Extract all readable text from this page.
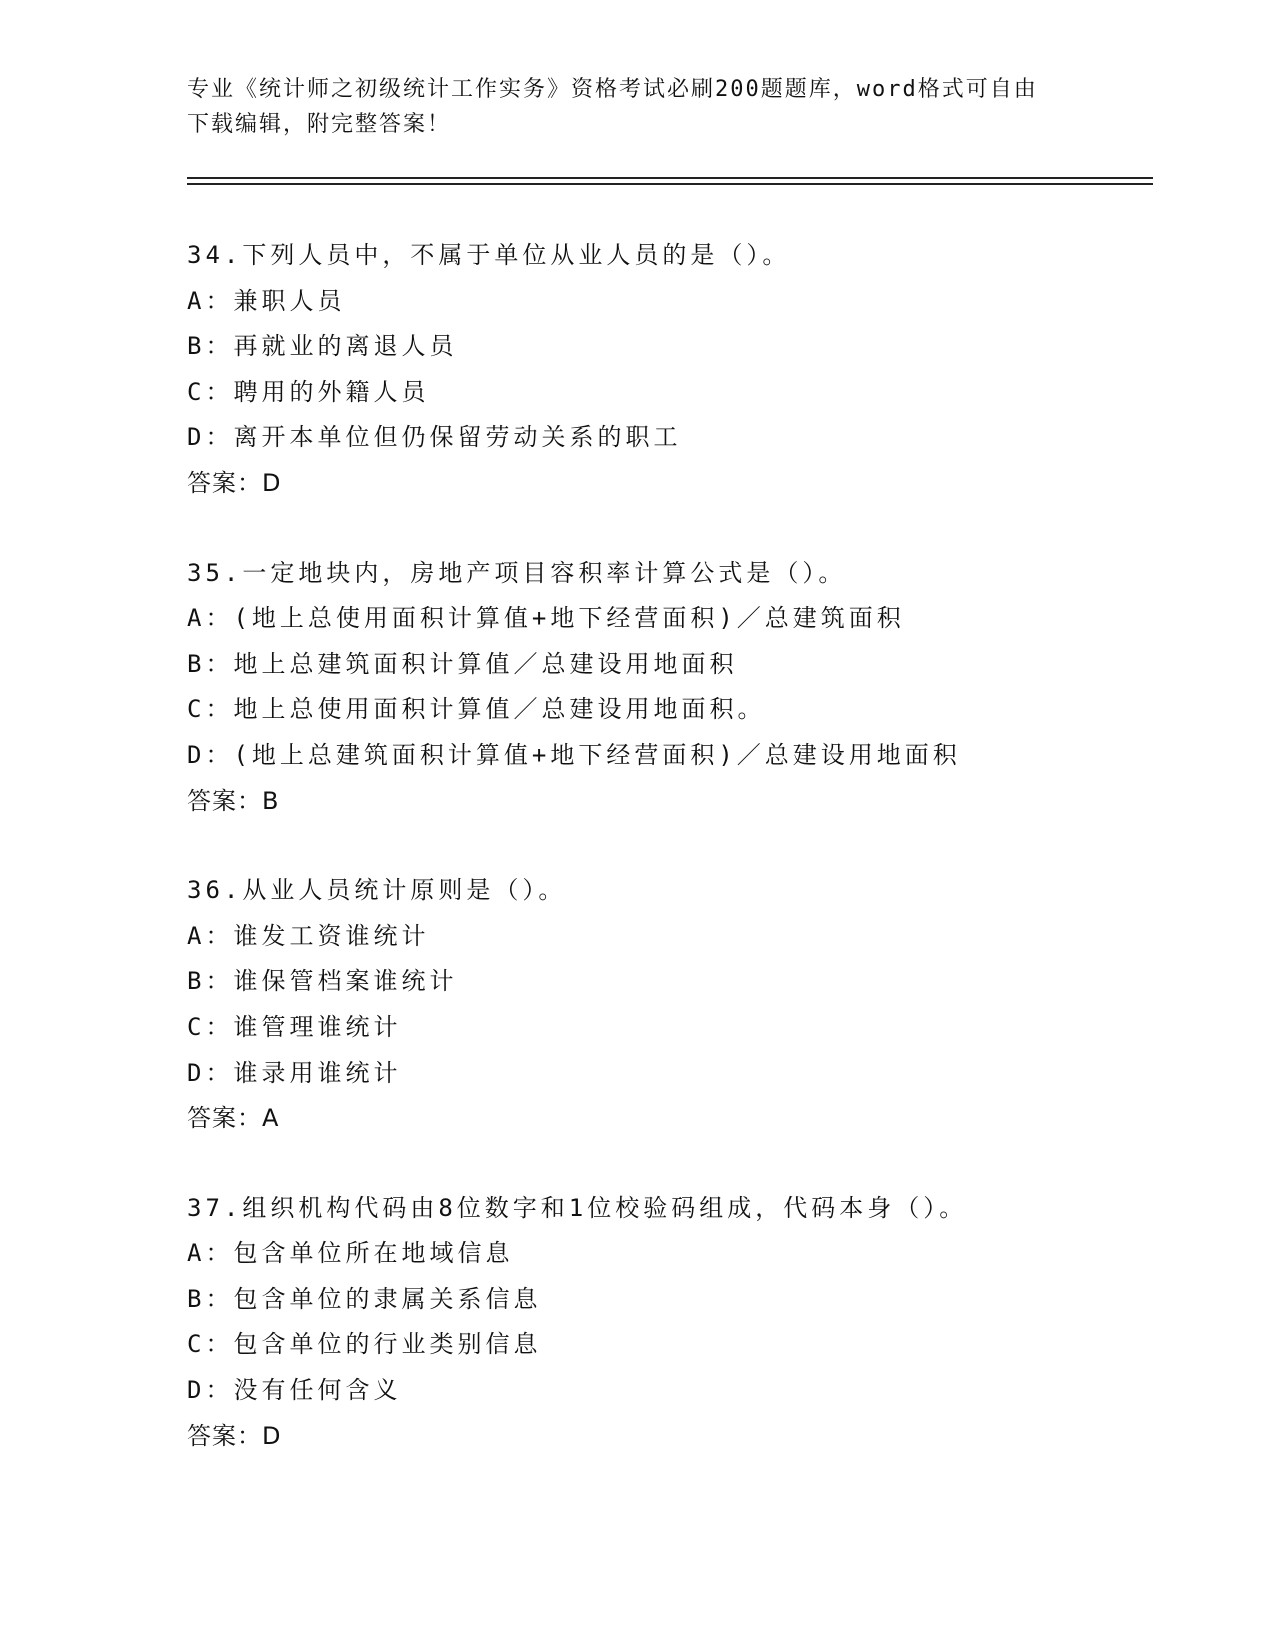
专业《统计师之初级统计工作实务》资格考试必刷200题题库，word格式可自由
下载编辑，附完整答案！
34.下列人员中，不属于单位从业人员的是（）。
A：兼职人员
B：再就业的离退人员
C：聘用的外籍人员
D：离开本单位但仍保留劳动关系的职工
答案：D
35.一定地块内，房地产项目容积率计算公式是（）。
A：(地上总使用面积计算值+地下经营面积)／总建筑面积
B：地上总建筑面积计算值／总建设用地面积
C：地上总使用面积计算值／总建设用地面积。
D：(地上总建筑面积计算值+地下经营面积)／总建设用地面积
答案：B
36.从业人员统计原则是（）。
A：谁发工资谁统计
B：谁保管档案谁统计
C：谁管理谁统计
D：谁录用谁统计
答案：A
37.组织机构代码由8位数字和1位校验码组成，代码本身（）。
A：包含单位所在地域信息
B：包含单位的隶属关系信息
C：包含单位的行业类别信息
D：没有任何含义
答案：D
